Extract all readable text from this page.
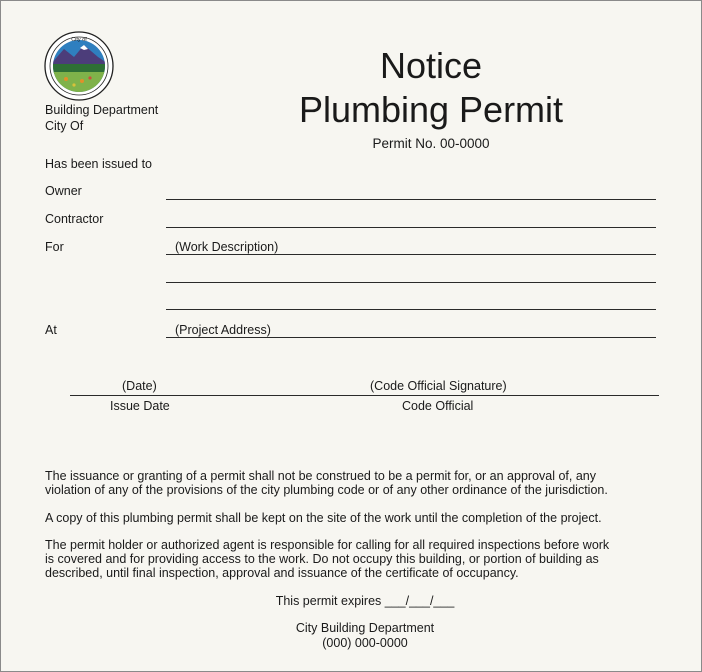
City of
Building Department
City Of
Notice
Plumbing Permit
Permit No. 00-0000
Has been issued to
Owner
Contractor
For
At
(Work Description)
(Project Address)
(Date)	(Code Official Signature)
Issue Date	Code Official
The issuance or granting of a permit shall not be construed to be a permit for, or an approval of, any
violation of any of the provisions of the city plumbing code or of any other ordinance of the jurisdiction.
A copy of this plumbing permit shall be kept on the site of the work until the completion of the project.
The permit holder or authorized agent is responsible for calling for all required inspections before work
is covered and for providing access to the work. Do not occupy this building, or portion of building as
described, until final inspection, approval and issuance of the certificate of occupancy.
This permit expires ___/___/___
City Building Department
(000) 000-0000
